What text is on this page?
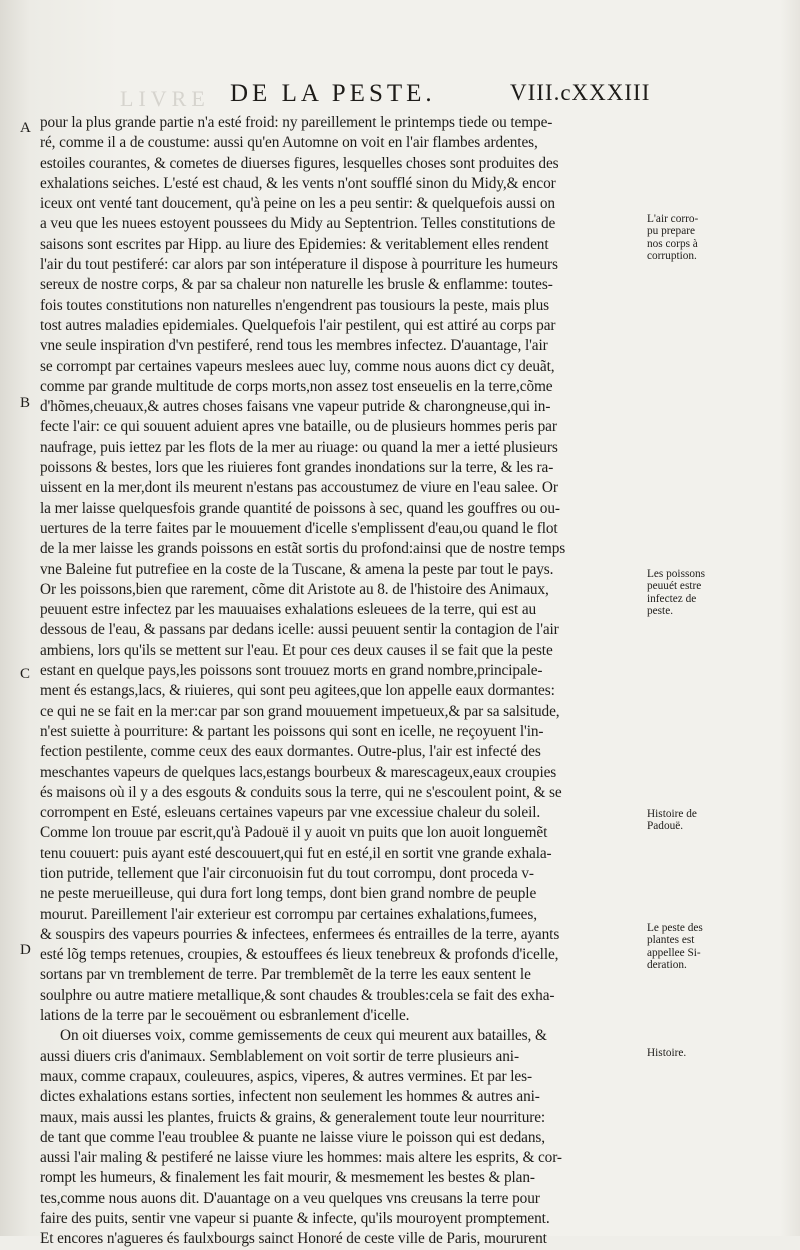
LIVRE DE LA PESTE.	VIII.cXXXIII
A
B
C
D
pour la plus grande partie n'a esté froid: ny pareillement le printemps tiede ou tempe-
ré, comme il a de coustume: aussi qu'en Automne on voit en l'air flambes ardentes,
estoiles courantes, & cometes de diuerses figures, lesquelles choses sont produites des
exhalations seiches. L'esté est chaud, & les vents n'ont soufflé sinon du Midy,& encor
iceux ont venté tant doucement, qu'à peine on les a peu sentir: & quelquefois aussi on
a veu que les nuees estoyent poussees du Midy au Septentrion. Telles constitutions de
saisons sont escrites par Hipp. au liure des Epidemies: & veritablement elles rendent
l'air du tout pestiferé: car alors par son intéperature il dispose à pourriture les humeurs
sereux de nostre corps, & par sa chaleur non naturelle les brusle & enflamme: toutes-
fois toutes constitutions non naturelles n'engendrent pas tousiours la peste, mais plus
tost autres maladies epidemiales. Quelquefois l'air pestilent, qui est attiré au corps par
vne seule inspiration d'vn pestiferé, rend tous les membres infectez. D'auantage, l'air
se corrompt par certaines vapeurs meslees auec luy, comme nous auons dict cy deuãt,
comme par grande multitude de corps morts,non assez tost enseuelis en la terre,cõme
d'hõmes,cheuaux,& autres choses faisans vne vapeur putride & charongneuse,qui in-
fecte l'air: ce qui souuent aduient apres vne bataille, ou de plusieurs hommes peris par
naufrage, puis iettez par les flots de la mer au riuage: ou quand la mer a ietté plusieurs
poissons & bestes, lors que les riuieres font grandes inondations sur la terre, & les ra-
uissent en la mer,dont ils meurent n'estans pas accoustumez de viure en l'eau salee. Or
la mer laisse quelquesfois grande quantité de poissons à sec, quand les gouffres ou ou-
uertures de la terre faites par le mouuement d'icelle s'emplissent d'eau,ou quand le flot
de la mer laisse les grands poissons en estãt sortis du profond:ainsi que de nostre temps
vne Baleine fut putrefiee en la coste de la Tuscane, & amena la peste par tout le pays.
Or les poissons,bien que rarement, cõme dit Aristote au 8. de l'histoire des Animaux,
peuuent estre infectez par les mauuaises exhalations esleuees de la terre, qui est au
dessous de l'eau, & passans par dedans icelle: aussi peuuent sentir la contagion de l'air
ambiens, lors qu'ils se mettent sur l'eau. Et pour ces deux causes il se fait que la peste
estant en quelque pays,les poissons sont trouuez morts en grand nombre,principale-
ment és estangs,lacs, & riuieres, qui sont peu agitees,que lon appelle eaux dormantes:
ce qui ne se fait en la mer:car par son grand mouuement impetueux,& par sa salsitude,
n'est suiette à pourriture: & partant les poissons qui sont en icelle, ne reçoyuent l'in-
fection pestilente, comme ceux des eaux dormantes. Outre-plus, l'air est infecté des
meschantes vapeurs de quelques lacs,estangs bourbeux & marescageux,eaux croupies
és maisons où il y a des esgouts & conduits sous la terre, qui ne s'escoulent point, & se
corrompent en Esté, esleuans certaines vapeurs par vne excessiue chaleur du soleil.
Comme lon trouue par escrit,qu'à Padouë il y auoit vn puits que lon auoit longuemẽt
tenu couuert: puis ayant esté descouuert,qui fut en esté,il en sortit vne grande exhala-
tion putride, tellement que l'air circonuoisin fut du tout corrompu, dont proceda v-
ne peste merueilleuse, qui dura fort long temps, dont bien grand nombre de peuple
mourut. Pareillement l'air exterieur est corrompu par certaines exhalations,fumees,
& souspirs des vapeurs pourries & infectees, enfermees és entrailles de la terre, ayants
esté lõg temps retenues, croupies, & estouffees és lieux tenebreux & profonds d'icelle,
sortans par vn tremblement de terre. Par tremblemẽt de la terre les eaux sentent le
soulphre ou autre matiere metallique,& sont chaudes & troubles:cela se fait des exha-
lations de la terre par le secouëment ou esbranlement d'icelle.
On oit diuerses voix, comme gemissements de ceux qui meurent aux batailles, &
aussi diuers cris d'animaux. Semblablement on voit sortir de terre plusieurs ani-
maux, comme crapaux, couleuures, aspics, viperes, & autres vermines. Et par les-
dictes exhalations estans sorties, infectent non seulement les hommes & autres ani-
maux, mais aussi les plantes, fruicts & grains, & generalement toute leur nourriture:
de tant que comme l'eau troublee & puante ne laisse viure le poisson qui est dedans,
aussi l'air maling & pestiferé ne laisse viure les hommes: mais altere les esprits, & cor-
rompt les humeurs, & finalement les fait mourir, & mesmement les bestes & plan-
tes,comme nous auons dit. D'auantage on a veu quelques vns creusans la terre pour
faire des puits, sentir vne vapeur si puante & infecte, qu'ils mouroyent promptement.
Et encores n'agueres és faulxbourgs sainct Honoré de ceste ville de Paris, moururent
L'air corro-
pu prepare
nos corps à
corruption.
Les poissons
peuuét estre
infectez de
peste.
Histoire de
Padouë.
Le peste des
plantes est
appellee Si-
deration.
Histoire.
